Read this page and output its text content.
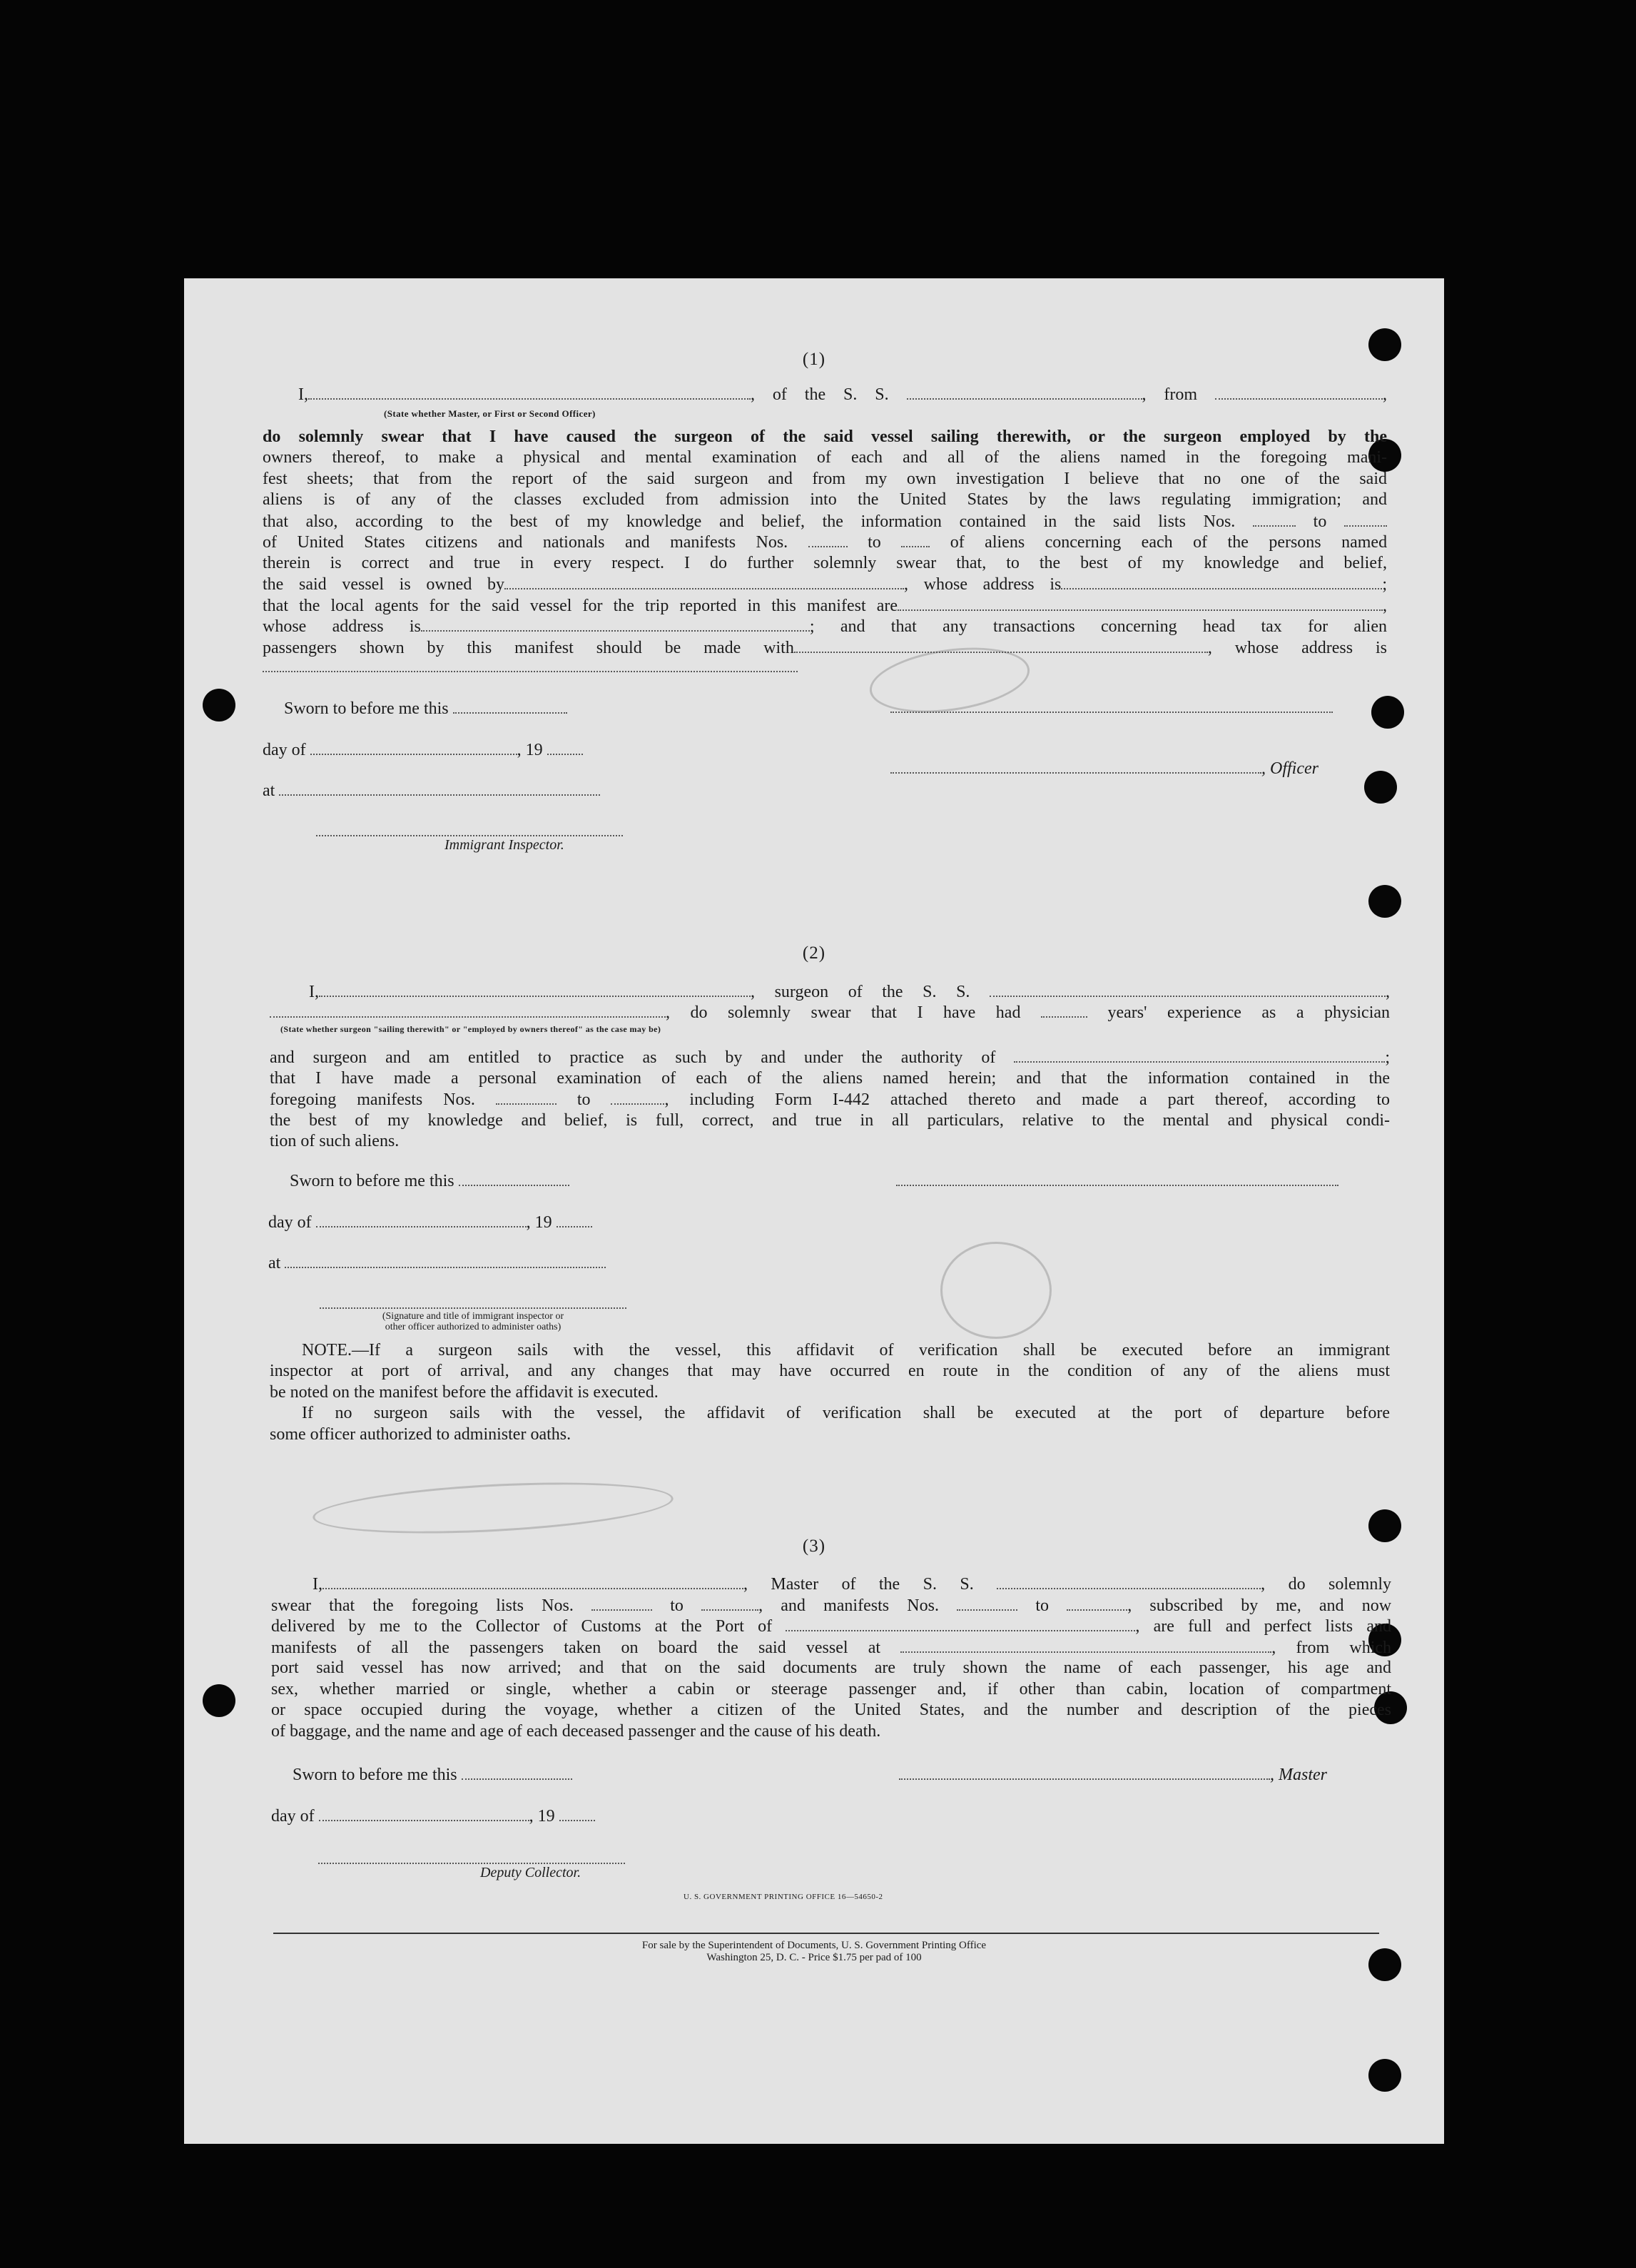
(1)

I,	, of the S. S.	, from	,

(State whether Master, or First or Second Officer)

do solemnly swear that I have caused the surgeon of the said vessel sailing therewith, or the surgeon employed by the

owners thereof, to make a physical and mental examination of each and all of the aliens named in the foregoing mani-

fest sheets; that from the report of the said surgeon and from my own investigation I believe that no one of the said

aliens is of any of the classes excluded from admission into the United States by the laws regulating immigration; and

that also, according to the best of my knowledge and belief, the information contained in the said lists Nos.	to

of United States citizens and nationals and manifests Nos.	to	of aliens concerning each of the persons named

therein is correct and true in every respect. I do further solemnly swear that, to the best of my knowledge and belief,

the said vessel is owned by	, whose address is	;

that the local agents for the said vessel for the trip reported in this manifest are	,

whose address is	; and that any transactions concerning head tax for alien

passengers shown by this manifest should be made with	, whose address is

Sworn to before me this
day of	, 19
, Officer
at
Immigrant Inspector.
(2)

I,	, surgeon of the S. S.	,

, do solemnly swear that I have had	years' experience as a physician

(State whether surgeon "sailing therewith" or "employed by owners thereof" as the case may be)

and surgeon and am entitled to practice as such by and under the authority of	;

that I have made a personal examination of each of the aliens named herein; and that the information contained in the

foregoing manifests Nos.	to	, including Form I-442 attached thereto and made a part thereof, according to

the best of my knowledge and belief, is full, correct, and true in all particulars, relative to the mental and physical condi-

tion of such aliens.

Sworn to before me this
day of	, 19
at
(Signature and title of immigrant inspector or
other officer authorized to administer oaths)

NOTE.—If a surgeon sails with the vessel, this affidavit of verification shall be executed before an immigrant

inspector at port of arrival, and any changes that may have occurred en route in the condition of any of the aliens must

be noted on the manifest before the affidavit is executed.

If no surgeon sails with the vessel, the affidavit of verification shall be executed at the port of departure before

some officer authorized to administer oaths.

(3)

I,	, Master of the S. S.	, do solemnly

swear that the foregoing lists Nos.	to	, and manifests Nos.	to	, subscribed by me, and now

delivered by me to the Collector of Customs at the Port of	, are full and perfect lists and

manifests of all the passengers taken on board the said vessel at	, from which

port said vessel has now arrived; and that on the said documents are truly shown the name of each passenger, his age and

sex, whether married or single, whether a cabin or steerage passenger and, if other than cabin, location of compartment

or space occupied during the voyage, whether a citizen of the United States, and the number and description of the pieces

of baggage, and the name and age of each deceased passenger and the cause of his death.

Sworn to before me this	, Master
day of	, 19
Deputy Collector.
U. S. GOVERNMENT PRINTING OFFICE 16—54650-2
For sale by the Superintendent of Documents, U. S. Government Printing Office
Washington 25, D. C. - Price $1.75 per pad of 100
